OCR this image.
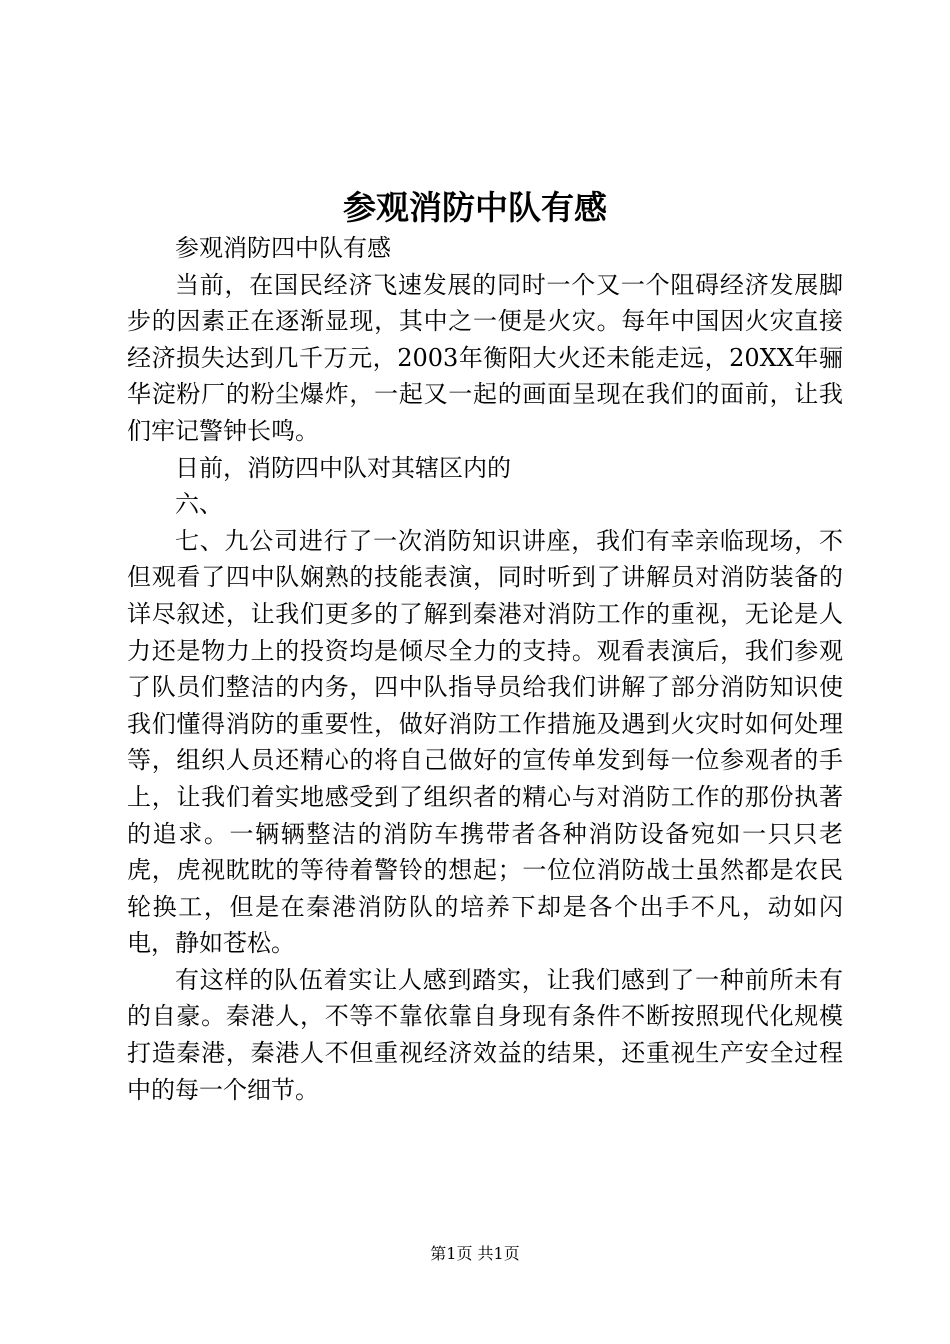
参观消防中队有感

参观消防四中队有感

当前，在国民经济飞速发展的同时一个又一个阻碍经济发展脚步的因素正在逐渐显现，其中之一便是火灾。每年中国因火灾直接经济损失达到几千万元，2003年衡阳大火还未能走远，20XX年骊华淀粉厂的粉尘爆炸，一起又一起的画面呈现在我们的面前，让我们牢记警钟长鸣。

日前，消防四中队对其辖区内的

六、

七、九公司进行了一次消防知识讲座，我们有幸亲临现场，不但观看了四中队娴熟的技能表演，同时听到了讲解员对消防装备的详尽叙述，让我们更多的了解到秦港对消防工作的重视，无论是人力还是物力上的投资均是倾尽全力的支持。观看表演后，我们参观了队员们整洁的内务，四中队指导员给我们讲解了部分消防知识使我们懂得消防的重要性，做好消防工作措施及遇到火灾时如何处理等，组织人员还精心的将自己做好的宣传单发到每一位参观者的手上，让我们着实地感受到了组织者的精心与对消防工作的那份执著的追求。一辆辆整洁的消防车携带者各种消防设备宛如一只只老虎，虎视眈眈的等待着警铃的想起；一位位消防战士虽然都是农民轮换工，但是在秦港消防队的培养下却是各个出手不凡，动如闪电，静如苍松。

有这样的队伍着实让人感到踏实，让我们感到了一种前所未有的自豪。秦港人，不等不靠依靠自身现有条件不断按照现代化规模打造秦港，秦港人不但重视经济效益的结果，还重视生产安全过程中的每一个细节。

第1页 共1页
